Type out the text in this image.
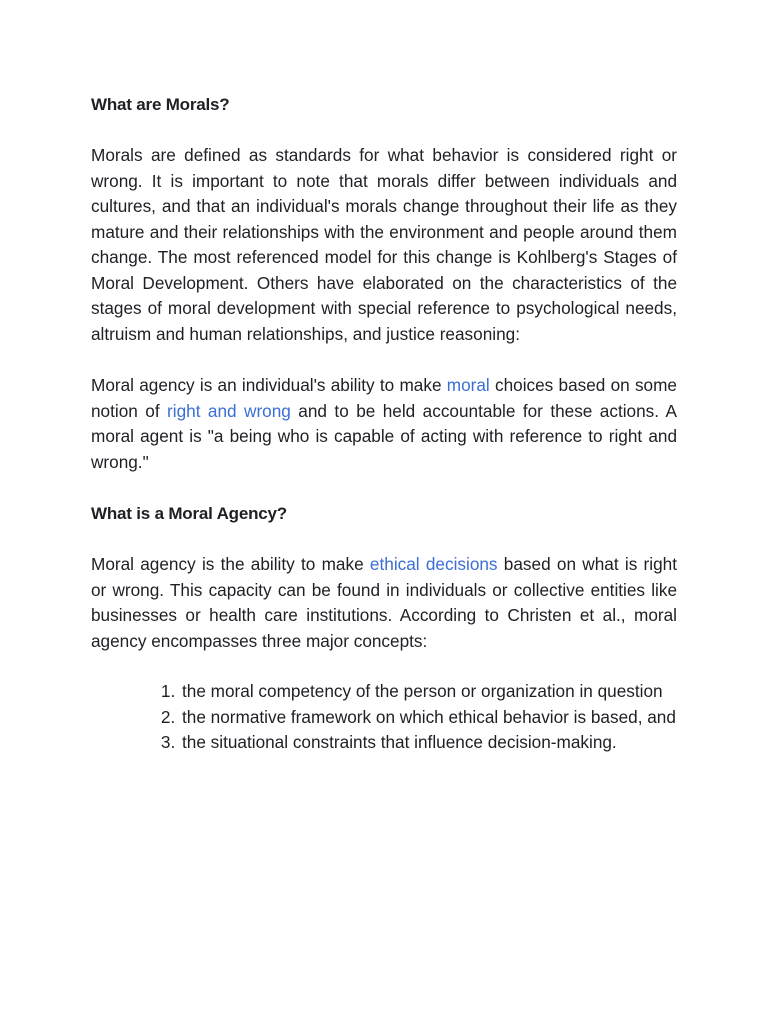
What are Morals?

Morals are defined as standards for what behavior is considered right or wrong. It is important to note that morals differ between individuals and cultures, and that an individual's morals change throughout their life as they mature and their relationships with the environment and people around them change. The most referenced model for this change is Kohlberg's Stages of Moral Development. Others have elaborated on the characteristics of the stages of moral development with special reference to psychological needs, altruism and human relationships, and justice reasoning:

Moral agency is an individual's ability to make moral choices based on some notion of right and wrong and to be held accountable for these actions. A moral agent is "a being who is capable of acting with reference to right and wrong."

What is a Moral Agency?

Moral agency is the ability to make ethical decisions based on what is right or wrong. This capacity can be found in individuals or collective entities like businesses or health care institutions. According to Christen et al., moral agency encompasses three major concepts:

1. the moral competency of the person or organization in question
2. the normative framework on which ethical behavior is based, and
3. the situational constraints that influence decision-making.
